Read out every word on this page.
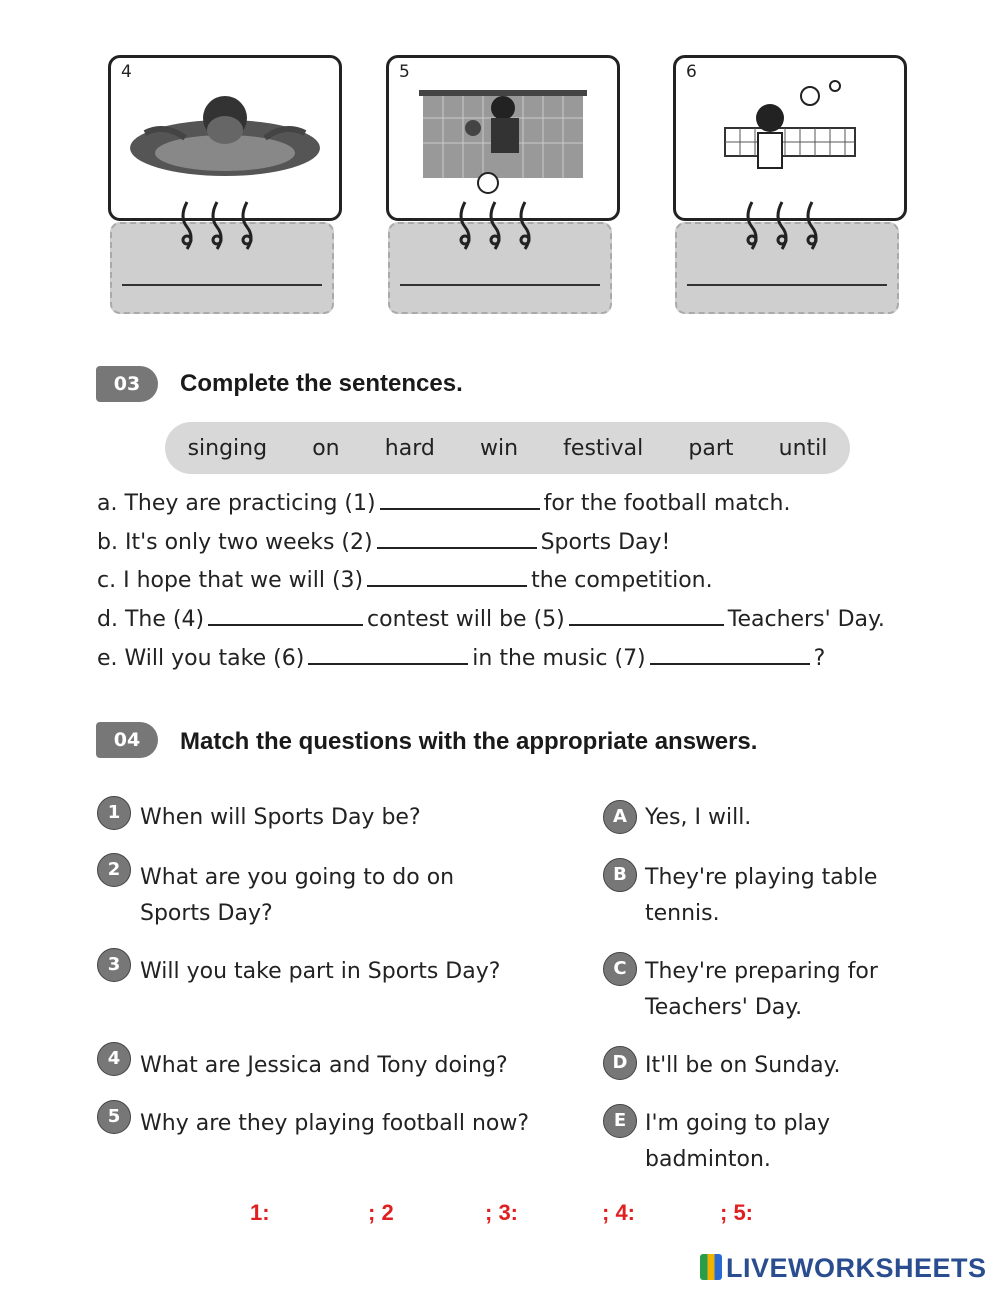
4	5	6
03	Complete the sentences.
singing on hard win festival part until
a. They are practicing (1)	for the football match.
b. It's only two weeks (2)	Sports Day!
c. I hope that we will (3)	the competition.
d. The (4)	contest will be (5)	Teachers' Day.
e. Will you take (6)	in the music (7)	?
04	Match the questions with the appropriate answers.
1 When will Sports Day be?
2 What are you going to do on Sports Day?
3 Will you take part in Sports Day?
4 What are Jessica and Tony doing?
5 Why are they playing football now?
A Yes, I will.
B They're playing table tennis.
C They're preparing for Teachers' Day.
D It'll be on Sunday.
E I'm going to play badminton.
1:	; 2	; 3:	; 4:	; 5:
LIVEWORKSHEETS
